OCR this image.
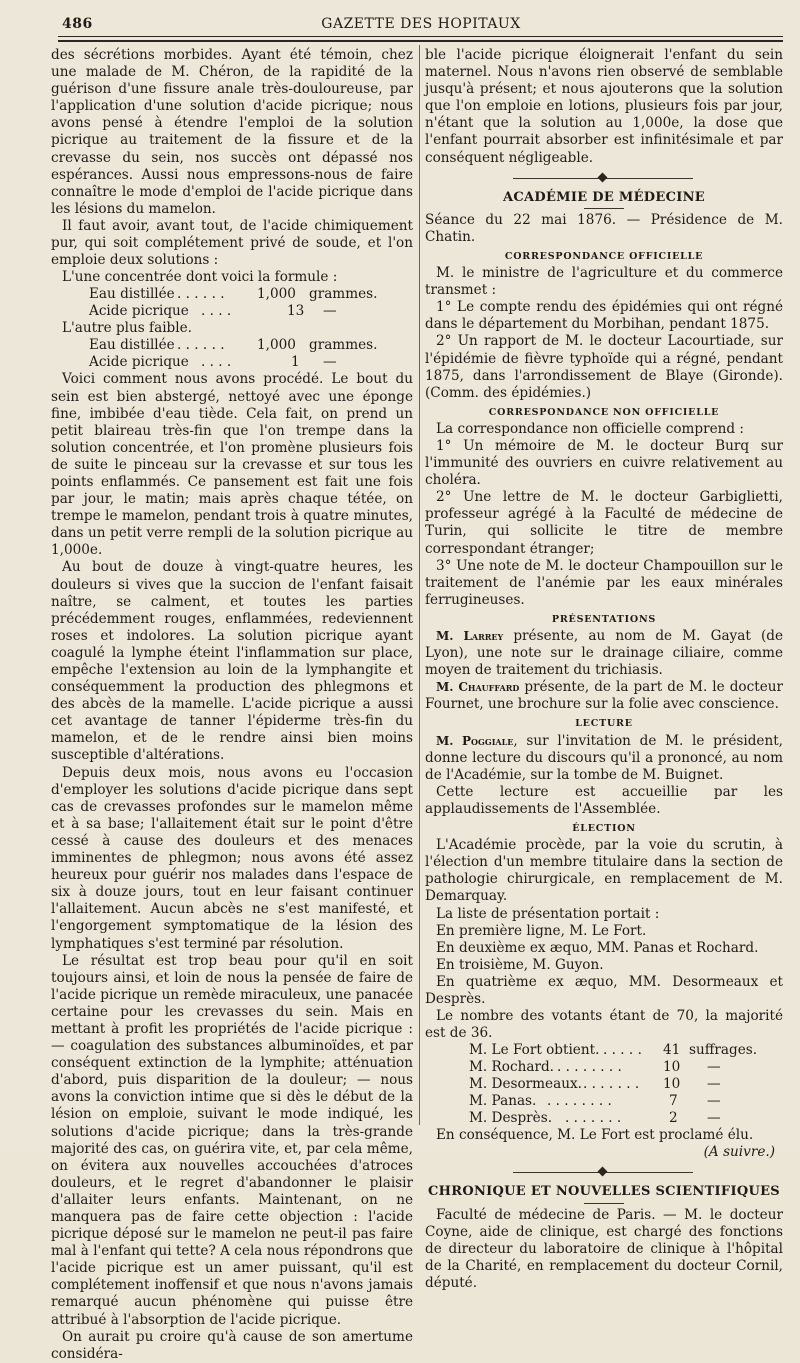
486	GAZETTE DES HOPITAUX

des sécrétions morbides. Ayant été témoin, chez une malade de M. Chéron, de la rapidité de la guérison d'une fissure anale très-douloureuse, par l'application d'une solution d'acide picrique; nous avons pensé à étendre l'emploi de la solution picrique au traitement de la fissure et de la crevasse du sein, nos succès ont dépassé nos espérances. Aussi nous empressons-nous de faire connaître le mode d'emploi de l'acide picrique dans les lésions du mamelon.

Il faut avoir, avant tout, de l'acide chimiquement pur, qui soit complétement privé de soude, et l'on emploie deux solutions :

L'une concentrée dont voici la formule :

Eau distillée . . . . . . 1,000 grammes.
Acide picrique . . . .	13 —

L'autre plus faible.

Eau distillée . . . . . . 1,000 grammes.
Acide picrique . . . .	1 —

Voici comment nous avons procédé. Le bout du sein est bien abstergé, nettoyé avec une éponge fine, imbibée d'eau tiède. Cela fait, on prend un petit blaireau très-fin que l'on trempe dans la solution concentrée, et l'on promène plusieurs fois de suite le pinceau sur la crevasse et sur tous les points enflammés. Ce pansement est fait une fois par jour, le matin; mais après chaque tétée, on trempe le mamelon, pendant trois à quatre minutes, dans un petit verre rempli de la solution picrique au 1,000e.

Au bout de douze à vingt-quatre heures, les douleurs si vives que la succion de l'enfant faisait naître, se calment, et toutes les parties précédemment rouges, enflammées, redeviennent roses et indolores. La solution picrique ayant coagulé la lymphe éteint l'inflammation sur place, empêche l'extension au loin de la lymphangite et conséquemment la production des phlegmons et des abcès de la mamelle. L'acide picrique a aussi cet avantage de tanner l'épiderme très-fin du mamelon, et de le rendre ainsi bien moins susceptible d'altérations.

Depuis deux mois, nous avons eu l'occasion d'employer les solutions d'acide picrique dans sept cas de crevasses profondes sur le mamelon même et à sa base; l'allaitement était sur le point d'être cessé à cause des douleurs et des menaces imminentes de phlegmon; nous avons été assez heureux pour guérir nos malades dans l'espace de six à douze jours, tout en leur faisant continuer l'allaitement. Aucun abcès ne s'est manifesté, et l'engorgement symptomatique de la lésion des lymphatiques s'est terminé par résolution.

Le résultat est trop beau pour qu'il en soit toujours ainsi, et loin de nous la pensée de faire de l'acide picrique un remède miraculeux, une panacée certaine pour les crevasses du sein. Mais en mettant à profit les propriétés de l'acide picrique : — coagulation des substances albuminoïdes, et par conséquent extinction de la lymphite; atténuation d'abord, puis disparition de la douleur; — nous avons la conviction intime que si dès le début de la lésion on emploie, suivant le mode indiqué, les solutions d'acide picrique; dans la très-grande majorité des cas, on guérira vite, et, par cela même, on évitera aux nouvelles accouchées d'atroces douleurs, et le regret d'abandonner le plaisir d'allaiter leurs enfants. Maintenant, on ne manquera pas de faire cette objection : l'acide picrique déposé sur le mamelon ne peut-il pas faire mal à l'enfant qui tette? A cela nous répondrons que l'acide picrique est un amer puissant, qu'il est complétement inoffensif et que nous n'avons jamais remarqué aucun phénomène qui puisse être attribué à l'absorption de l'acide picrique.

On aurait pu croire qu'à cause de son amertume considéra-

ble l'acide picrique éloignerait l'enfant du sein maternel. Nous n'avons rien observé de semblable jusqu'à présent; et nous ajouterons que la solution que l'on emploie en lotions, plusieurs fois par jour, n'étant que la solution au 1,000e, la dose que l'enfant pourrait absorber est infinitésimale et par conséquent négligeable.

ACADÉMIE DE MÉDECINE

Séance du 22 mai 1876. — Présidence de M. Chatin.

CORRESPONDANCE OFFICIELLE

M. le ministre de l'agriculture et du commerce transmet :

1° Le compte rendu des épidémies qui ont régné dans le département du Morbihan, pendant 1875.

2° Un rapport de M. le docteur Lacourtiade, sur l'épidémie de fièvre typhoïde qui a régné, pendant 1875, dans l'arrondissement de Blaye (Gironde). (Comm. des épidémies.)

CORRESPONDANCE NON OFFICIELLE

La correspondance non officielle comprend :

1° Un mémoire de M. le docteur Burq sur l'immunité des ouvriers en cuivre relativement au choléra.

2° Une lettre de M. le docteur Garbiglietti, professeur agrégé à la Faculté de médecine de Turin, qui sollicite le titre de membre correspondant étranger;

3° Une note de M. le docteur Champouillon sur le traitement de l'anémie par les eaux minérales ferrugineuses.

PRÉSENTATIONS

M. Larrey présente, au nom de M. Gayat (de Lyon), une note sur le drainage ciliaire, comme moyen de traitement du trichiasis.

M. Chauffard présente, de la part de M. le docteur Fournet, une brochure sur la folie avec conscience.

LECTURE

M. Poggiale, sur l'invitation de M. le président, donne lecture du discours qu'il a prononcé, au nom de l'Académie, sur la tombe de M. Buignet.

Cette lecture est accueillie par les applaudissements de l'Assemblée.

ÉLECTION

L'Académie procède, par la voie du scrutin, à l'élection d'un membre titulaire dans la section de pathologie chirurgicale, en remplacement de M. Demarquay.

La liste de présentation portait :

En première ligne, M. Le Fort.

En deuxième ex æquo, MM. Panas et Rochard.

En troisième, M. Guyon.

En quatrième ex æquo, MM. Desormeaux et Desprès.

Le nombre des votants étant de 70, la majorité est de 36.

M. Le Fort obtient. . . . . . 41 suffrages.
M. Rochard. . . . . . . . .	10 —
M. Desormeaux. . . . . . . . 10 —
M. Panas. . . . . . . . .	7 —
M. Desprès. . . . . . . .	2 —

En conséquence, M. Le Fort est proclamé élu.

(A suivre.)

CHRONIQUE ET NOUVELLES SCIENTIFIQUES

Faculté de médecine de Paris. — M. le docteur Coyne, aide de clinique, est chargé des fonctions de directeur du laboratoire de clinique à l'hôpital de la Charité, en remplacement du docteur Cornil, député.
